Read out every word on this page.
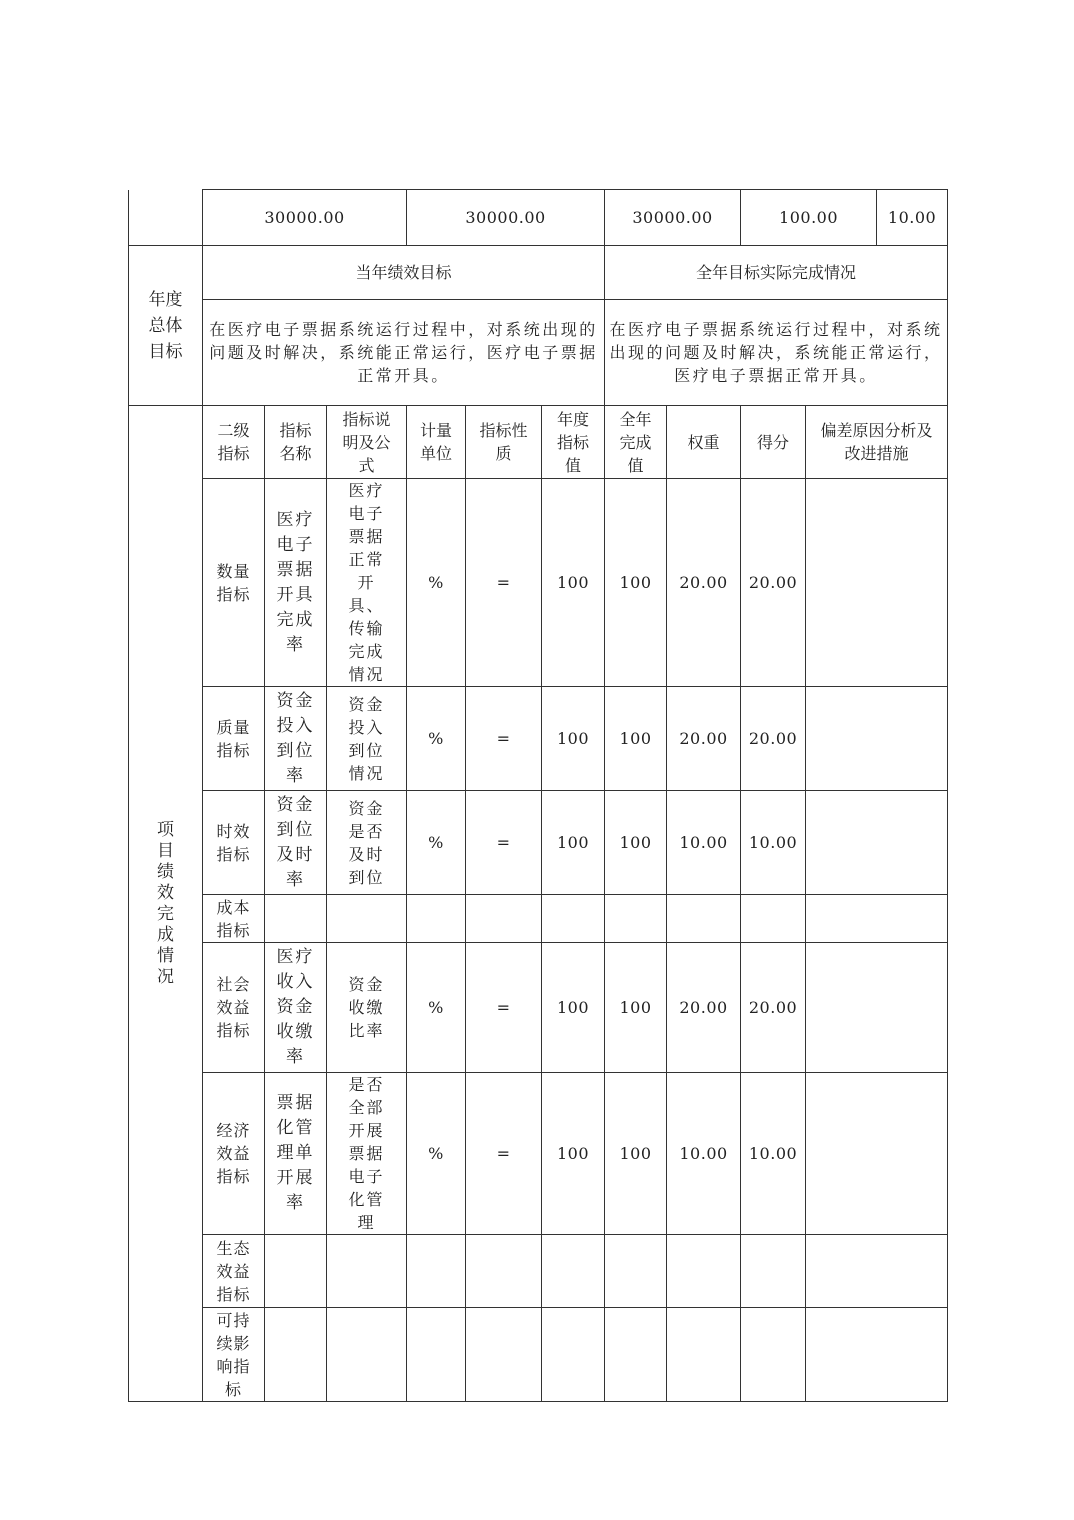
	30000.00			30000.00			30000.00		100.00		10.00
年度总体目标	当年绩效目标						全年目标实际完成情况				
	在医疗电子票据系统运行过程中，对系统出现的问题及时解决，系统能正常运行，医疗电子票据正常开具。						在医疗电子票据系统运行过程中，对系统出现的问题及时解决，系统能正常运行，医疗电子票据正常开具。				
项目绩效完成情况	二级指标	指标名称	指标说明及公式	计量单位	指标性质	年度指标值	全年完成值	权重	得分	偏差原因分析及改进措施	
	数量指标	医疗电子票据开具完成率	医疗电子票据正常开具、传输完成情况	%	=	100	100	20.00	20.00		
	质量指标	资金投入到位率	资金投入到位情况	%	=	100	100	20.00	20.00		
	时效指标	资金到位及时率	资金是否及时到位	%	=	100	100	10.00	10.00		
	成本指标										
	社会效益指标	医疗收入资金收缴率	资金收缴比率	%	=	100	100	20.00	20.00		
	经济效益指标	票据化管理单开展率	是否全部开展票据电子化管理	%	=	100	100	10.00	10.00		
	生态效益指标										
	可持续影响指标										
